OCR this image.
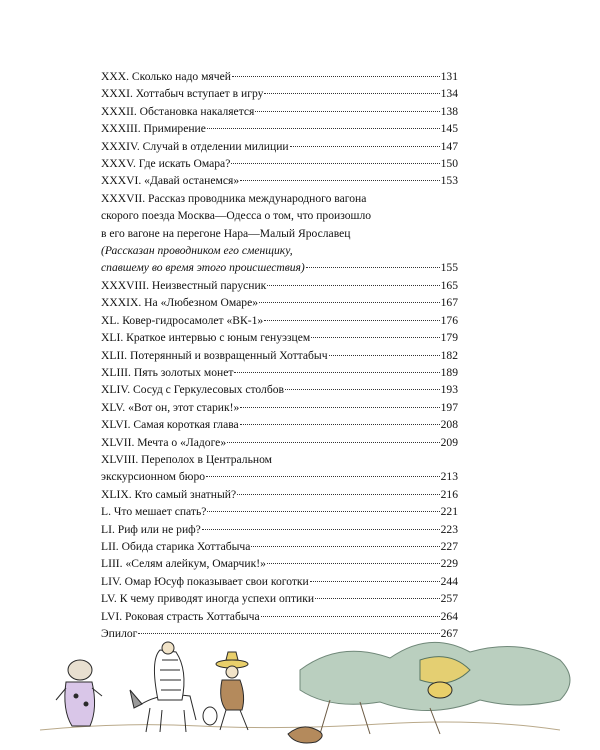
XXX. Сколько надо мячей	131
XXXI. Хоттабыч вступает в игру	134
XXXII. Обстановка накаляется	138
XXXIII. Примирение	145
XXXIV. Случай в отделении милиции	147
XXXV. Где искать Омара?	150
XXXVI. «Давай останемся»	153
XXXVII. Рассказ проводника международного вагона
скорого поезда Москва—Одесса о том, что произошло
в его вагоне на перегоне Нара—Малый Ярославец
(Рассказан проводником его сменщику,
спавшему во время этого происшествия)	155
XXXVIII. Неизвестный парусник	165
XXXIX. На «Любезном Омаре»	167
XL. Ковер-гидросамолет «ВК-1»	176
XLI. Краткое интервью с юным генуэзцем	179
XLII. Потерянный и возвращенный Хоттабыч	182
XLIII. Пять золотых монет	189
XLIV. Сосуд с Геркулесовых столбов	193
XLV. «Вот он, этот старик!»	197
XLVI. Самая короткая глава	208
XLVII. Мечта о «Ладоге»	209
XLVIII. Переполох в Центральном
экскурсионном бюро	213
XLIX. Кто самый знатный?	216
L. Что мешает спать?	221
LI. Риф или не риф?	223
LII. Обида старика Хоттабыча	227
LIII. «Селям алейкум, Омарчик!»	229
LIV. Омар Юсуф показывает свои коготки	244
LV. К чему приводят иногда успехи оптики	257
LVI. Роковая страсть Хоттабыча	264
Эпилог	267
